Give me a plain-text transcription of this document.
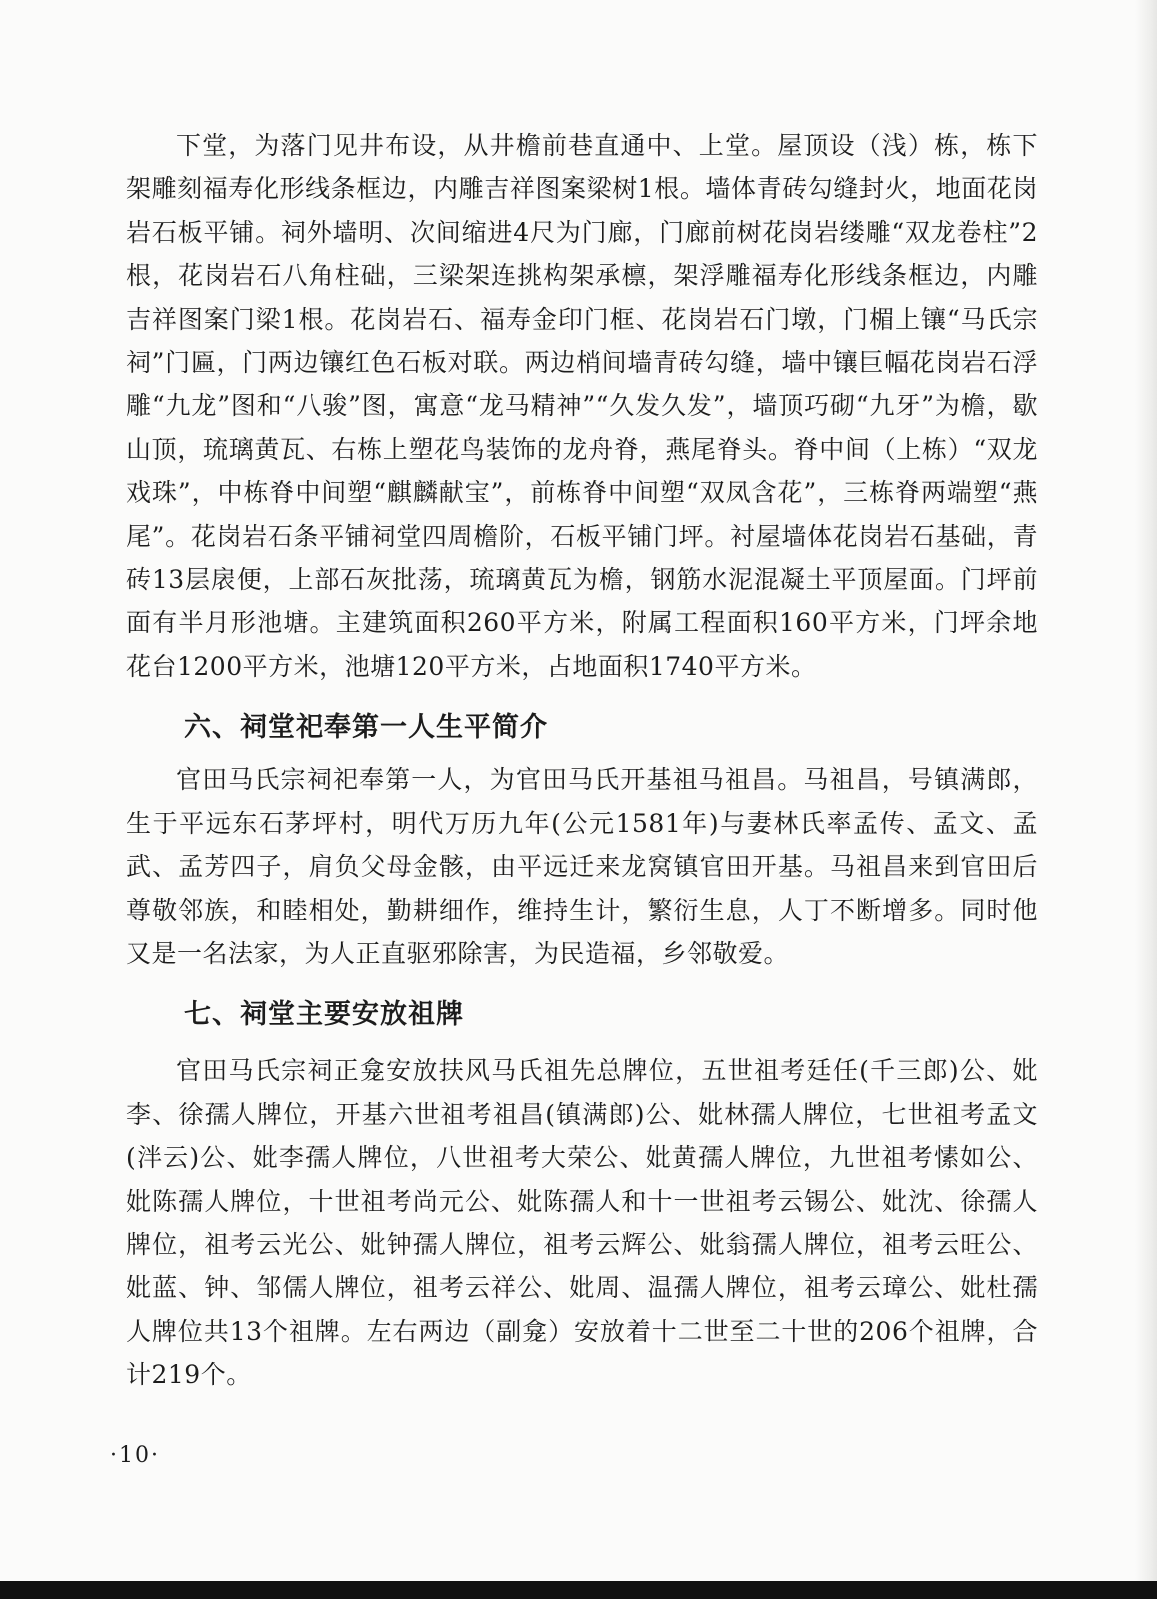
下堂，为落门见井布设，从井檐前巷直通中、上堂。屋顶设（浅）栋，栋下架雕刻福寿化形线条框边，内雕吉祥图案梁树1根。墙体青砖勾缝封火，地面花岗岩石板平铺。祠外墙明、次间缩进4尺为门廊，门廊前树花岗岩缕雕“双龙卷柱”2根，花岗岩石八角柱础，三梁架连挑构架承檩，架浮雕福寿化形线条框边，内雕吉祥图案门梁1根。花岗岩石、福寿金印门框、花岗岩石门墩，门楣上镶“马氏宗祠”门匾，门两边镶红色石板对联。两边梢间墙青砖勾缝，墙中镶巨幅花岗岩石浮雕“九龙”图和“八骏”图，寓意“龙马精神”“久发久发”，墙顶巧砌“九牙”为檐，歇山顶，琉璃黄瓦、右栋上塑花鸟装饰的龙舟脊，燕尾脊头。脊中间（上栋）“双龙戏珠”，中栋脊中间塑“麒麟献宝”，前栋脊中间塑“双凤含花”，三栋脊两端塑“燕尾”。花岗岩石条平铺祠堂四周檐阶，石板平铺门坪。衬屋墙体花岗岩石基础，青砖13层扆便，上部石灰批荡，琉璃黄瓦为檐，钢筋水泥混凝土平顶屋面。门坪前面有半月形池塘。主建筑面积260平方米，附属工程面积160平方米，门坪余地花台1200平方米，池塘120平方米，占地面积1740平方米。

六、祠堂祀奉第一人生平简介

官田马氏宗祠祀奉第一人，为官田马氏开基祖马祖昌。马祖昌，号镇满郎，生于平远东石茅坪村，明代万历九年(公元1581年)与妻林氏率孟传、孟文、孟武、孟芳四子，肩负父母金骸，由平远迁来龙窝镇官田开基。马祖昌来到官田后尊敬邻族，和睦相处，勤耕细作，维持生计，繁衍生息，人丁不断增多。同时他又是一名法家，为人正直驱邪除害，为民造福，乡邻敬爱。

七、祠堂主要安放祖牌

官田马氏宗祠正龛安放扶风马氏祖先总牌位，五世祖考廷任(千三郎)公、妣李、徐孺人牌位，开基六世祖考祖昌(镇满郎)公、妣林孺人牌位，七世祖考孟文(泮云)公、妣李孺人牌位，八世祖考大荣公、妣黄孺人牌位，九世祖考愫如公、妣陈孺人牌位，十世祖考尚元公、妣陈孺人和十一世祖考云锡公、妣沈、徐孺人牌位，祖考云光公、妣钟孺人牌位，祖考云辉公、妣翁孺人牌位，祖考云旺公、妣蓝、钟、邹儒人牌位，祖考云祥公、妣周、温孺人牌位，祖考云璋公、妣杜孺人牌位共13个祖牌。左右两边（副龛）安放着十二世至二十世的206个祖牌，合计219个。

·10·
